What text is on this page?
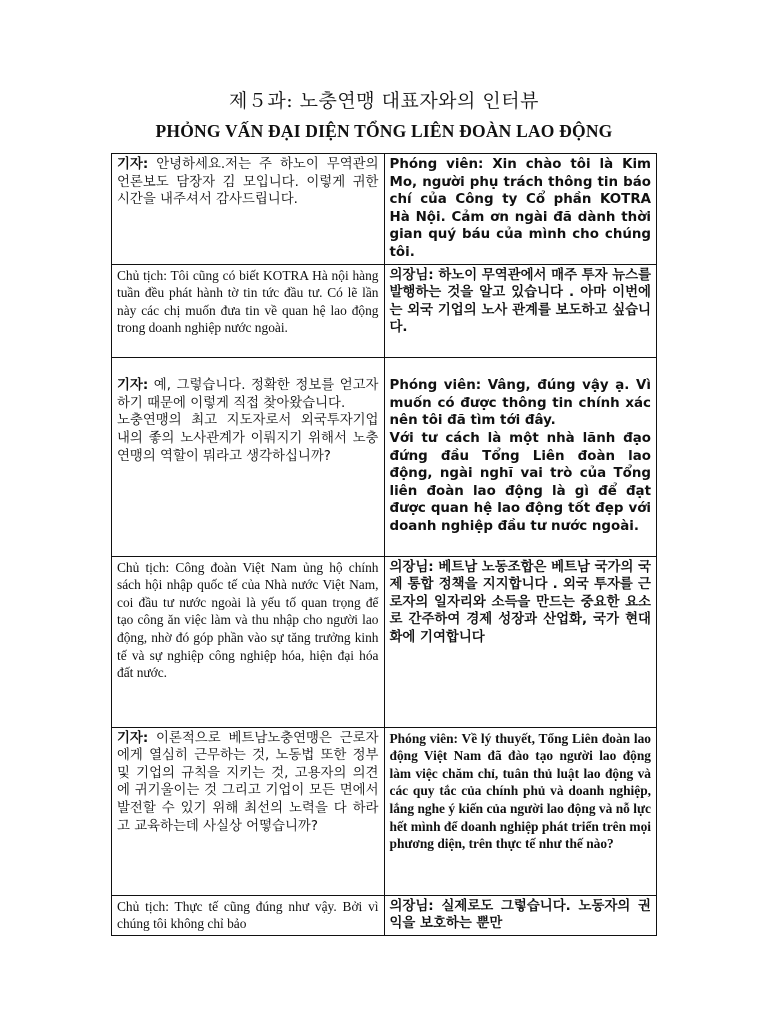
제５과: 노충연맹 대표자와의 인터뷰
PHỎNG VẤN ĐẠI DIỆN TỔNG LIÊN ĐOÀN LAO ĐỘNG
기자: 안녕하세요.저는 주 하노이 무역관의 언론보도 담장자 김 모입니다. 이렇게 귀한 시간을 내주셔서 감사드립니다.	Phóng viên: Xin chào tôi là Kim Mo, người phụ trách thông tin báo chí của Công ty Cổ phần KOTRA Hà Nội. Cảm ơn ngài đã dành thời gian quý báu của mình cho chúng tôi.
Chủ tịch: Tôi cũng có biết KOTRA Hà nội hàng tuần đều phát hành tờ tin tức đầu tư. Có lẽ lần này các chị muốn đưa tin về quan hệ lao động trong doanh nghiệp nước ngoài.	의장님: 하노이 무역관에서 매주 투자 뉴스를 발행하는 것을 알고 있습니다 . 아마 이번에는 외국 기업의 노사 관계를 보도하고 싶습니다.

기자: 예, 그렇습니다. 정확한 정보를 얻고자 하기 때문에 이렇게 직접 찾아왔습니다.
노충연맹의 최고 지도자로서 외국투자기업 내의 좋의 노사관계가 이뤄지기 위해서 노충연맹의 역할이 뭐라고 생각하십니까?	Phóng viên: Vâng, đúng vậy ạ. Vì muốn có được thông tin chính xác nên tôi đã tìm tới đây.
Với tư cách là một nhà lãnh đạo đứng đầu Tổng Liên đoàn lao động, ngài nghĩ vai trò của Tổng liên đoàn lao động là gì để đạt được quan hệ lao động tốt đẹp với doanh nghiệp đầu tư nước ngoài.

Chủ tịch: Công đoàn Việt Nam ủng hộ chính sách hội nhập quốc tế của Nhà nước Việt Nam, coi đầu tư nước ngoài là yếu tố quan trọng để tạo công ăn việc làm và thu nhập cho người lao động, nhờ đó góp phần vào sự tăng trưởng kinh tế và sự nghiệp công nghiệp hóa, hiện đại hóa đất nước.	의장님: 베트남 노동조합은 베트남 국가의 국제 통합 정책을 지지합니다 . 외국 투자를 근로자의 일자리와 소득을 만드는 중요한 요소로 간주하여 경제 성장과 산업화, 국가 현대화에 기여합니다
기자: 이론적으로 베트남노충연맹은 근로자에게 열심히 근무하는 것, 노동법 또한 정부 및 기업의 규칙을 지키는 것, 고용자의 의견에 귀기울이는 것 그리고 기업이 모든 면에서 발전할 수 있기 위해 최선의 노력을 다 하라고 교육하는데 사실상 어떻습니까?	Phóng viên: Về lý thuyết, Tổng Liên đoàn lao động Việt Nam đã đào tạo người lao động làm việc chăm chỉ, tuân thủ luật lao động và các quy tắc của chính phủ và doanh nghiệp, lắng nghe ý kiến của người lao động và nỗ lực hết mình để doanh nghiệp phát triển trên mọi phương diện, trên thực tế như thế nào?
Chủ tịch: Thực tế cũng đúng như vậy. Bởi vì chúng tôi không chỉ bảo	의장님: 실제로도 그렇습니다. 노동자의 권익을 보호하는 뿐만
